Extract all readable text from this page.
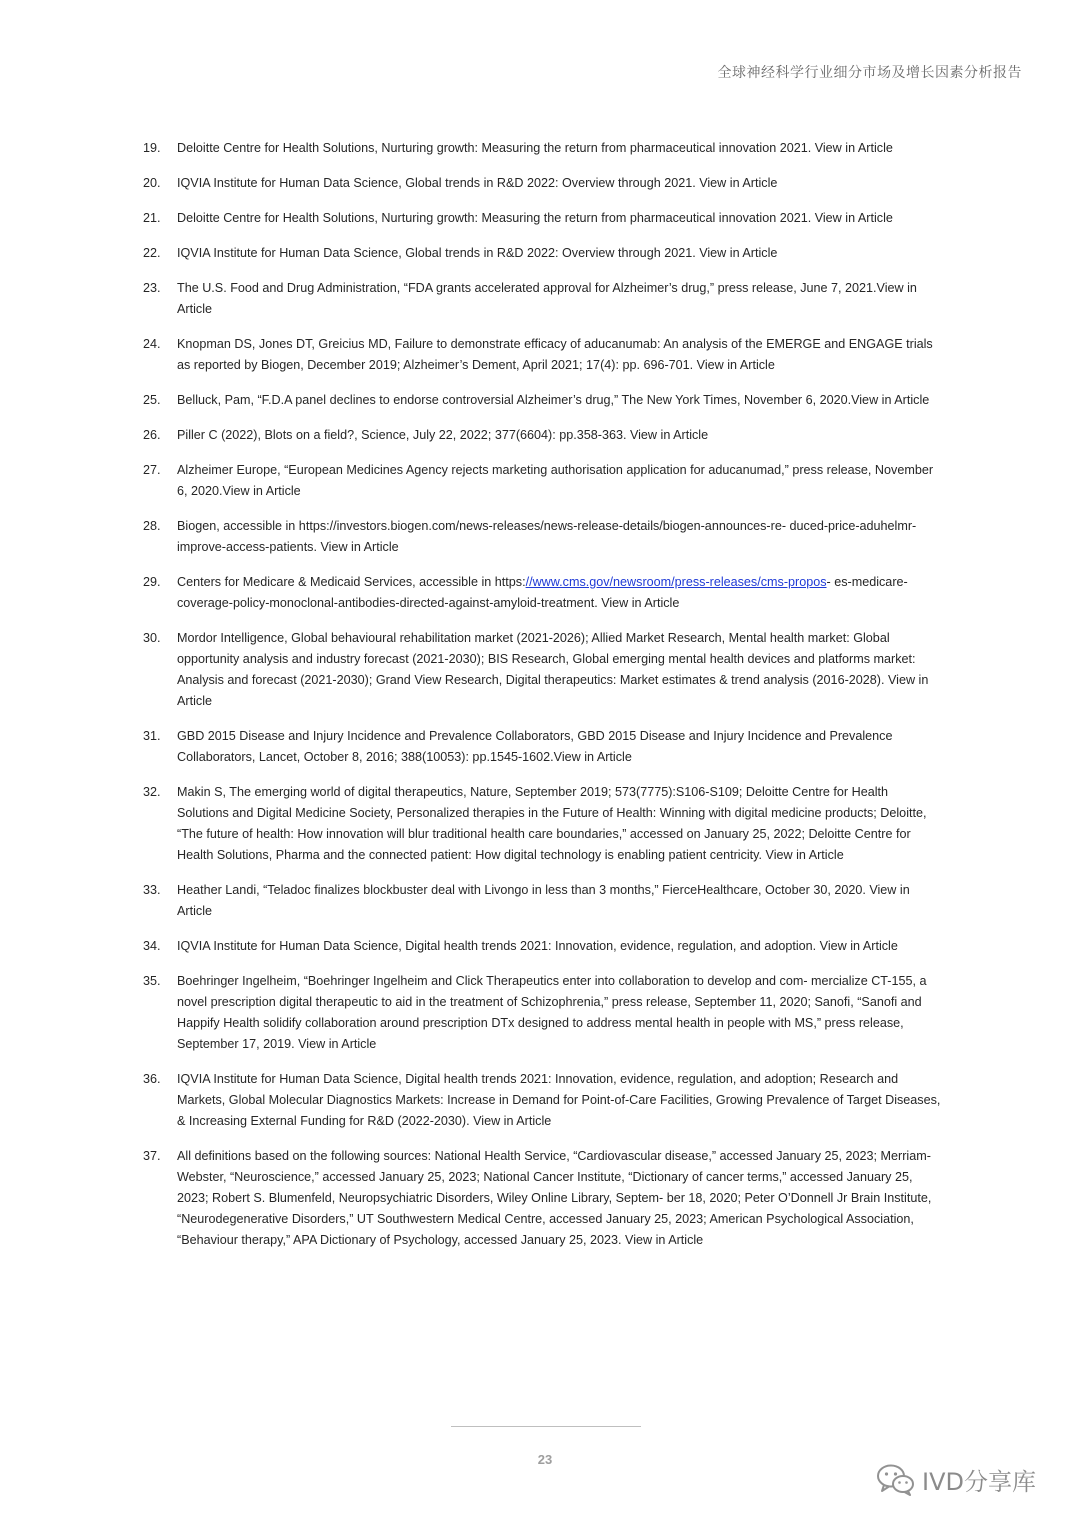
全球神经科学行业细分市场及增长因素分析报告
19.	Deloitte Centre for Health Solutions, Nurturing growth: Measuring the return from pharmaceutical innovation 2021. View in Article
20.	IQVIA Institute for Human Data Science, Global trends in R&D 2022: Overview through 2021. View in Article
21.	Deloitte Centre for Health Solutions, Nurturing growth: Measuring the return from pharmaceutical innovation 2021. View in Article
22.	IQVIA Institute for Human Data Science, Global trends in R&D 2022: Overview through 2021. View in Article
23.	The U.S. Food and Drug Administration, “FDA grants accelerated approval for Alzheimer’s drug,” press release, June 7, 2021.View in Article
24.	Knopman DS, Jones DT, Greicius MD, Failure to demonstrate efficacy of aducanumab: An analysis of the EMERGE and ENGAGE trials as reported by Biogen, December 2019; Alzheimer’s Dement, April 2021; 17(4): pp. 696-701. View in Article
25.	Belluck, Pam, “F.D.A panel declines to endorse controversial Alzheimer’s drug,” The New York Times, November 6, 2020.View in Article
26.	Piller C (2022), Blots on a field?, Science, July 22, 2022; 377(6604): pp.358-363. View in Article
27.	Alzheimer Europe, “European Medicines Agency rejects marketing authorisation application for aducanumad,” press release, November 6, 2020.View in Article
28.	Biogen, accessible in https://investors.biogen.com/news-releases/news-release-details/biogen-announces-re- duced-price-aduhelmr-improve-access-patients. View in Article
29.	Centers for Medicare & Medicaid Services, accessible in https://www.cms.gov/newsroom/press-releases/cms-propos- es-medicare-coverage-policy-monoclonal-antibodies-directed-against-amyloid-treatment. View in Article
30.	Mordor Intelligence, Global behavioural rehabilitation market (2021-2026); Allied Market Research, Mental health market: Global opportunity analysis and industry forecast (2021-2030); BIS Research, Global emerging mental health devices and platforms market: Analysis and forecast (2021-2030); Grand View Research, Digital therapeutics: Market estimates & trend analysis (2016-2028). View in Article
31.	GBD 2015 Disease and Injury Incidence and Prevalence Collaborators, GBD 2015 Disease and Injury Incidence and Prevalence Collaborators, Lancet, October 8, 2016; 388(10053): pp.1545-1602.View in Article
32.	Makin S, The emerging world of digital therapeutics, Nature, September 2019; 573(7775):S106-S109; Deloitte Centre for Health Solutions and Digital Medicine Society, Personalized therapies in the Future of Health: Winning with digital medicine products; Deloitte, “The future of health: How innovation will blur traditional health care boundaries,” accessed on January 25, 2022; Deloitte Centre for Health Solutions, Pharma and the connected patient: How digital technology is enabling patient centricity. View in Article
33.	Heather Landi, “Teladoc finalizes blockbuster deal with Livongo in less than 3 months,” FierceHealthcare, October 30, 2020. View in Article
34.	IQVIA Institute for Human Data Science, Digital health trends 2021: Innovation, evidence, regulation, and adoption. View in Article
35.	Boehringer Ingelheim, “Boehringer Ingelheim and Click Therapeutics enter into collaboration to develop and com- mercialize CT-155, a novel prescription digital therapeutic to aid in the treatment of Schizophrenia,” press release, September 11, 2020; Sanofi, “Sanofi and Happify Health solidify collaboration around prescription DTx designed to address mental health in people with MS,” press release, September 17, 2019. View in Article
36.	IQVIA Institute for Human Data Science, Digital health trends 2021: Innovation, evidence, regulation, and adoption; Research and Markets, Global Molecular Diagnostics Markets: Increase in Demand for Point-of-Care Facilities, Growing Prevalence of Target Diseases, & Increasing External Funding for R&D (2022-2030). View in Article
37.	All definitions based on the following sources: National Health Service, “Cardiovascular disease,” accessed January 25, 2023; Merriam-Webster, “Neuroscience,” accessed January 25, 2023; National Cancer Institute, “Dictionary of cancer terms,” accessed January 25, 2023; Robert S. Blumenfeld, Neuropsychiatric Disorders, Wiley Online Library, Septem- ber 18, 2020; Peter O’Donnell Jr Brain Institute, “Neurodegenerative Disorders,” UT Southwestern Medical Centre, accessed January 25, 2023; American Psychological Association, “Behaviour therapy,” APA Dictionary of Psychology, accessed January 25, 2023. View in Article
23
IVD分享库
